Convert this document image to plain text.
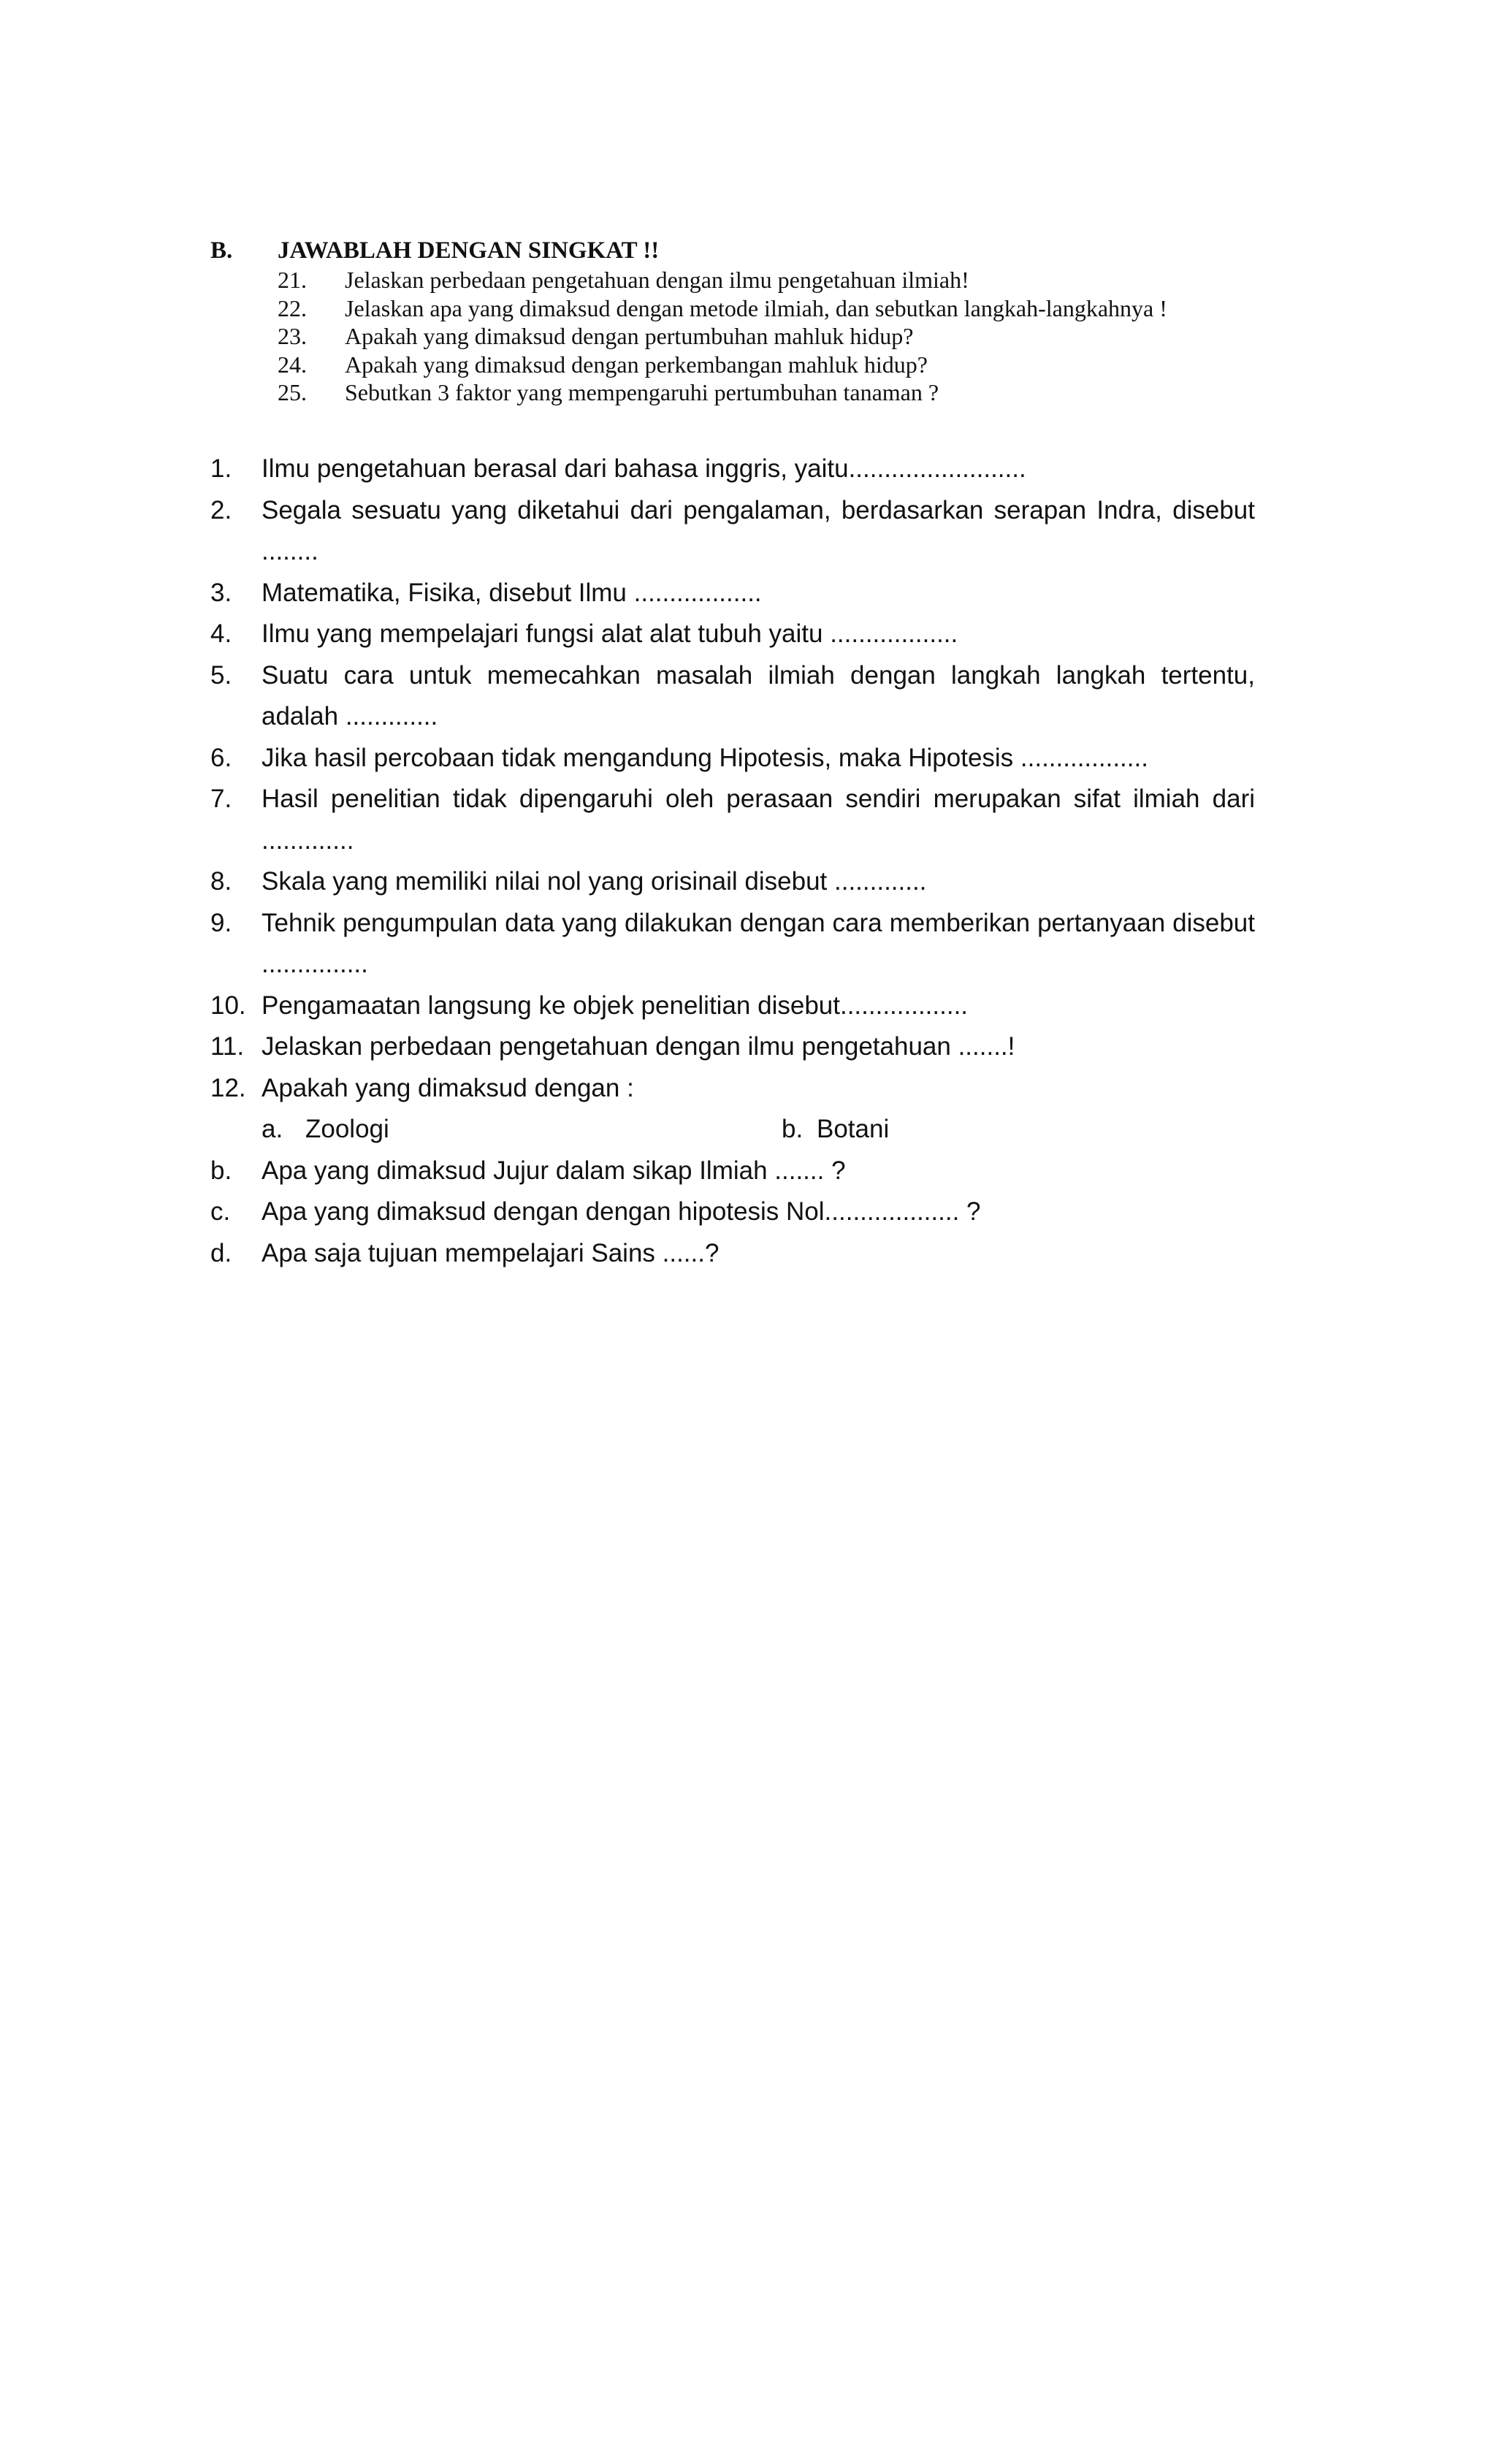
B.	JAWABLAH DENGAN SINGKAT !!
21.	Jelaskan perbedaan pengetahuan dengan ilmu pengetahuan ilmiah!
22.	Jelaskan apa yang dimaksud dengan metode ilmiah, dan sebutkan langkah-langkahnya !
23.	Apakah yang dimaksud dengan pertumbuhan mahluk hidup?
24.	Apakah yang dimaksud dengan perkembangan mahluk hidup?
25.	Sebutkan 3 faktor yang mempengaruhi pertumbuhan tanaman ?
1.	Ilmu pengetahuan berasal dari bahasa inggris, yaitu.........................
2.	Segala sesuatu yang diketahui dari pengalaman, berdasarkan serapan Indra, disebut ........
3.	Matematika, Fisika, disebut Ilmu ..................
4.	Ilmu yang mempelajari fungsi alat alat tubuh yaitu ..................
5.	Suatu cara untuk memecahkan masalah ilmiah dengan langkah langkah tertentu, adalah .............
6.	Jika hasil percobaan tidak mengandung Hipotesis, maka Hipotesis ..................
7.	Hasil penelitian tidak dipengaruhi oleh perasaan sendiri merupakan sifat ilmiah dari .............
8.	Skala yang memiliki nilai nol yang orisinail disebut .............
9.	Tehnik pengumpulan data yang dilakukan dengan cara memberikan pertanyaan disebut ...............
10. Pengamaatan langsung ke objek penelitian disebut..................
11. Jelaskan perbedaan pengetahuan dengan ilmu pengetahuan .......!
12. Apakah yang dimaksud dengan :
a. Zoologi	b. Botani
b.	Apa yang dimaksud Jujur dalam sikap Ilmiah ....... ?
c.	Apa yang dimaksud dengan dengan hipotesis Nol................... ?
d.	Apa saja tujuan mempelajari Sains ......?
